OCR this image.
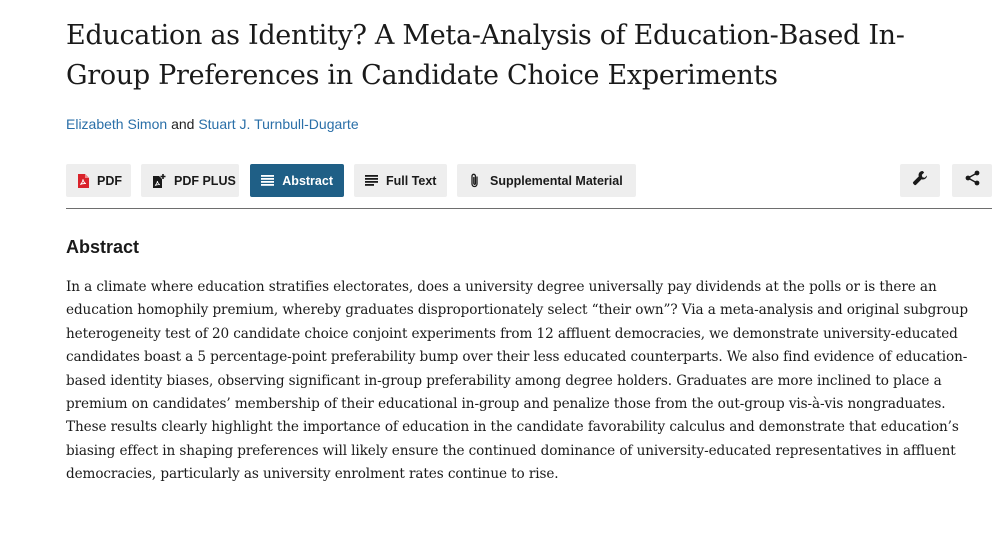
Education as Identity? A Meta-Analysis of Education-Based In-Group Preferences in Candidate Choice Experiments
Elizabeth Simon and Stuart J. Turnbull-Dugarte
PDF	PDF PLUS	Abstract	Full Text	Supplemental Material
Abstract

In a climate where education stratifies electorates, does a university degree universally pay dividends at the polls or is there an education homophily premium, whereby graduates disproportionately select “their own”? Via a meta-analysis and original subgroup heterogeneity test of 20 candidate choice conjoint experiments from 12 affluent democracies, we demonstrate university-educated candidates boast a 5 percentage-point preferability bump over their less educated counterparts. We also find evidence of education-based identity biases, observing significant in-group preferability among degree holders. Graduates are more inclined to place a premium on candidates’ membership of their educational in-group and penalize those from the out-group vis-à-vis nongraduates. These results clearly highlight the importance of education in the candidate favorability calculus and demonstrate that education’s biasing effect in shaping preferences will likely ensure the continued dominance of university-educated representatives in affluent democracies, particularly as university enrolment rates continue to rise.
